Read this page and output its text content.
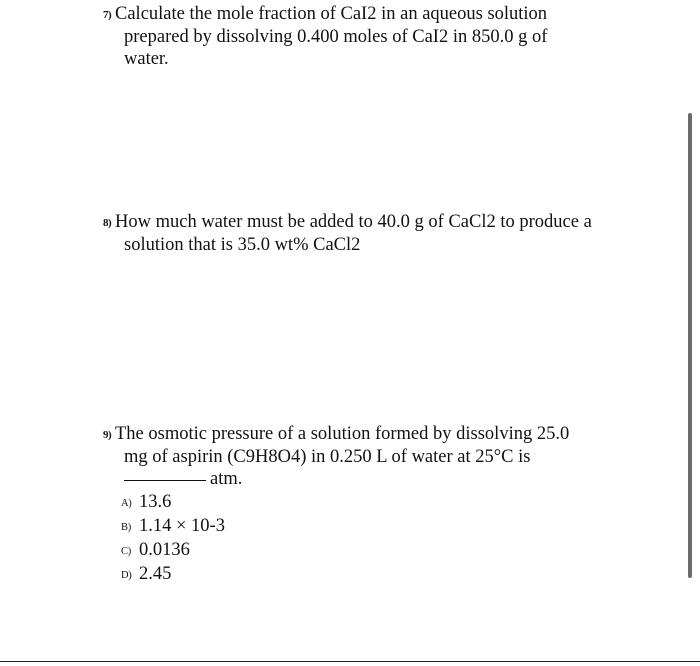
7) Calculate the mole fraction of CaI2 in an aqueous solution
prepared by dissolving 0.400 moles of CaI2 in 850.0 g of
water.
8) How much water must be added to 40.0 g of CaCl2 to produce a
solution that is 35.0 wt% CaCl2
9) The osmotic pressure of a solution formed by dissolving 25.0
mg of aspirin (C9H8O4) in 0.250 L of water at 25°C is
atm.
A) 13.6
B) 1.14 × 10-3
C) 0.0136
D) 2.45
